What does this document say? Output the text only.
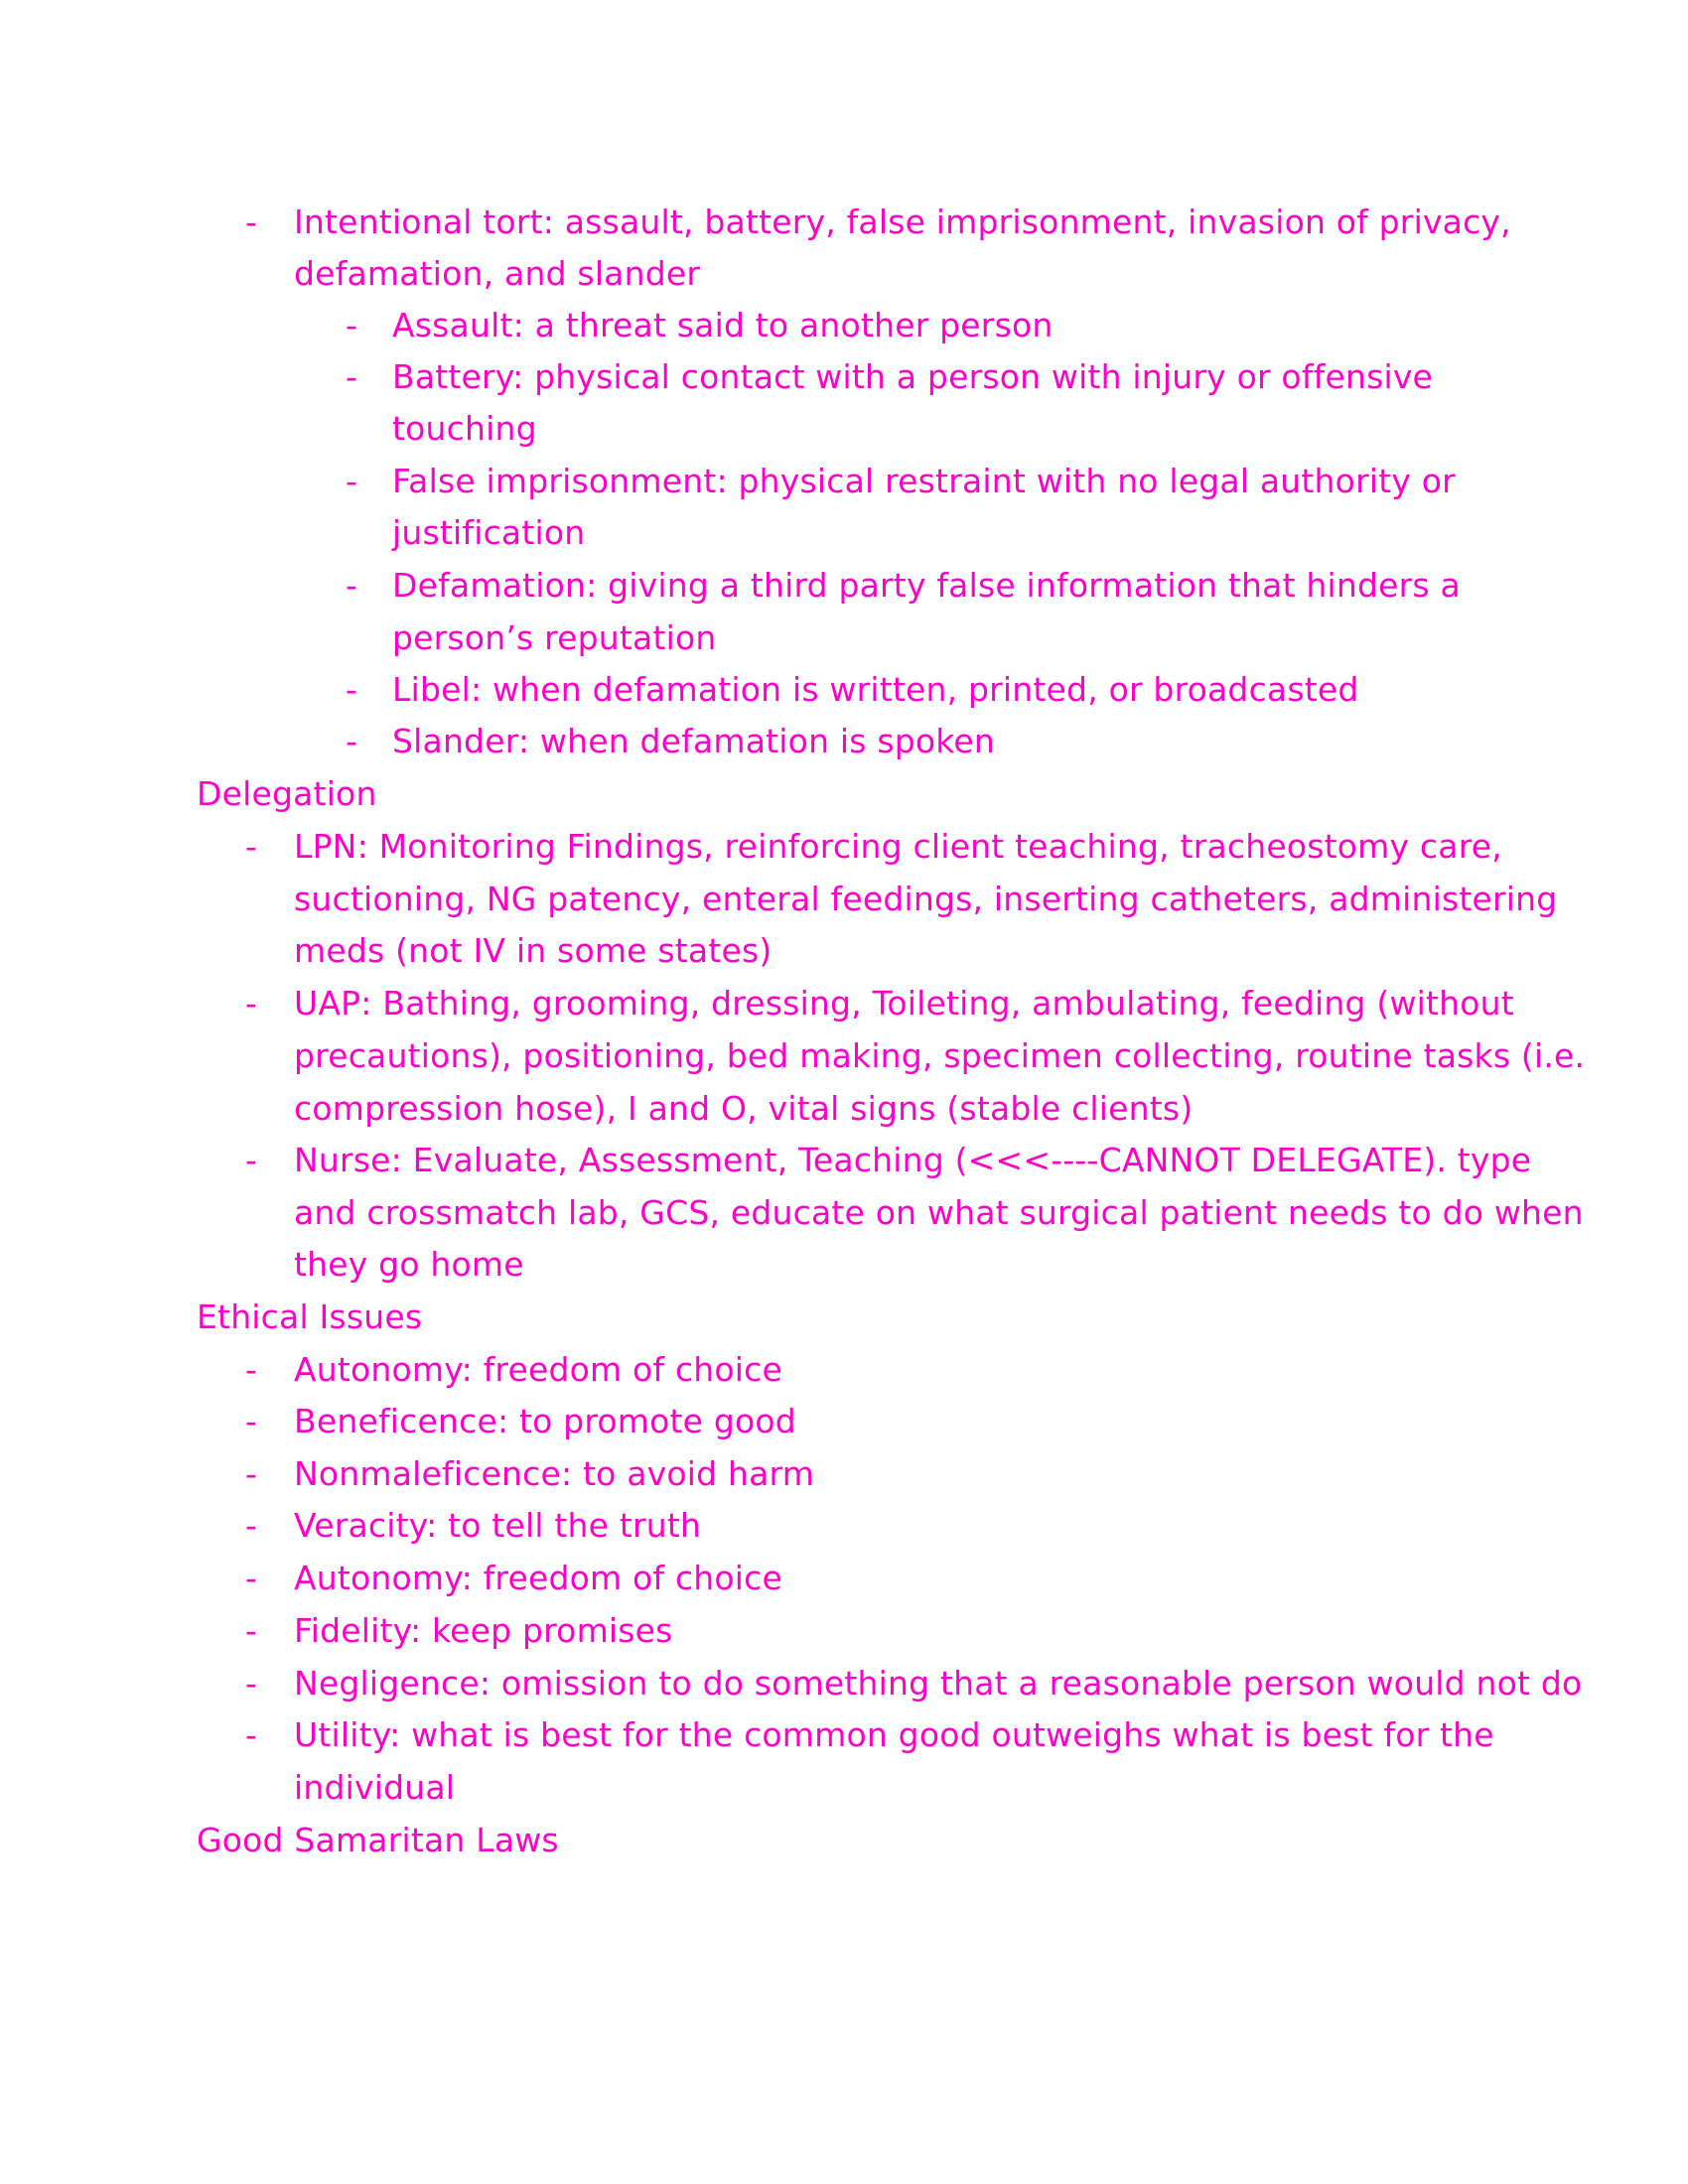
- Intentional tort: assault, battery, false imprisonment, invasion of privacy,
defamation, and slander
- Assault: a threat said to another person
- Battery: physical contact with a person with injury or offensive
touching
- False imprisonment: physical restraint with no legal authority or
justification
- Defamation: giving a third party false information that hinders a
person’s reputation
- Libel: when defamation is written, printed, or broadcasted
- Slander: when defamation is spoken
Delegation
- LPN: Monitoring Findings, reinforcing client teaching, tracheostomy care,
suctioning, NG patency, enteral feedings, inserting catheters, administering
meds (not IV in some states)
- UAP: Bathing, grooming, dressing, Toileting, ambulating, feeding (without
precautions), positioning, bed making, specimen collecting, routine tasks (i.e.
compression hose), I and O, vital signs (stable clients)
- Nurse: Evaluate, Assessment, Teaching (<<<----CANNOT DELEGATE). type
and crossmatch lab, GCS, educate on what surgical patient needs to do when
they go home
Ethical Issues
- Autonomy: freedom of choice
- Beneficence: to promote good
- Nonmaleficence: to avoid harm
- Veracity: to tell the truth
- Autonomy: freedom of choice
- Fidelity: keep promises
- Negligence: omission to do something that a reasonable person would not do
- Utility: what is best for the common good outweighs what is best for the
individual
Good Samaritan Laws
